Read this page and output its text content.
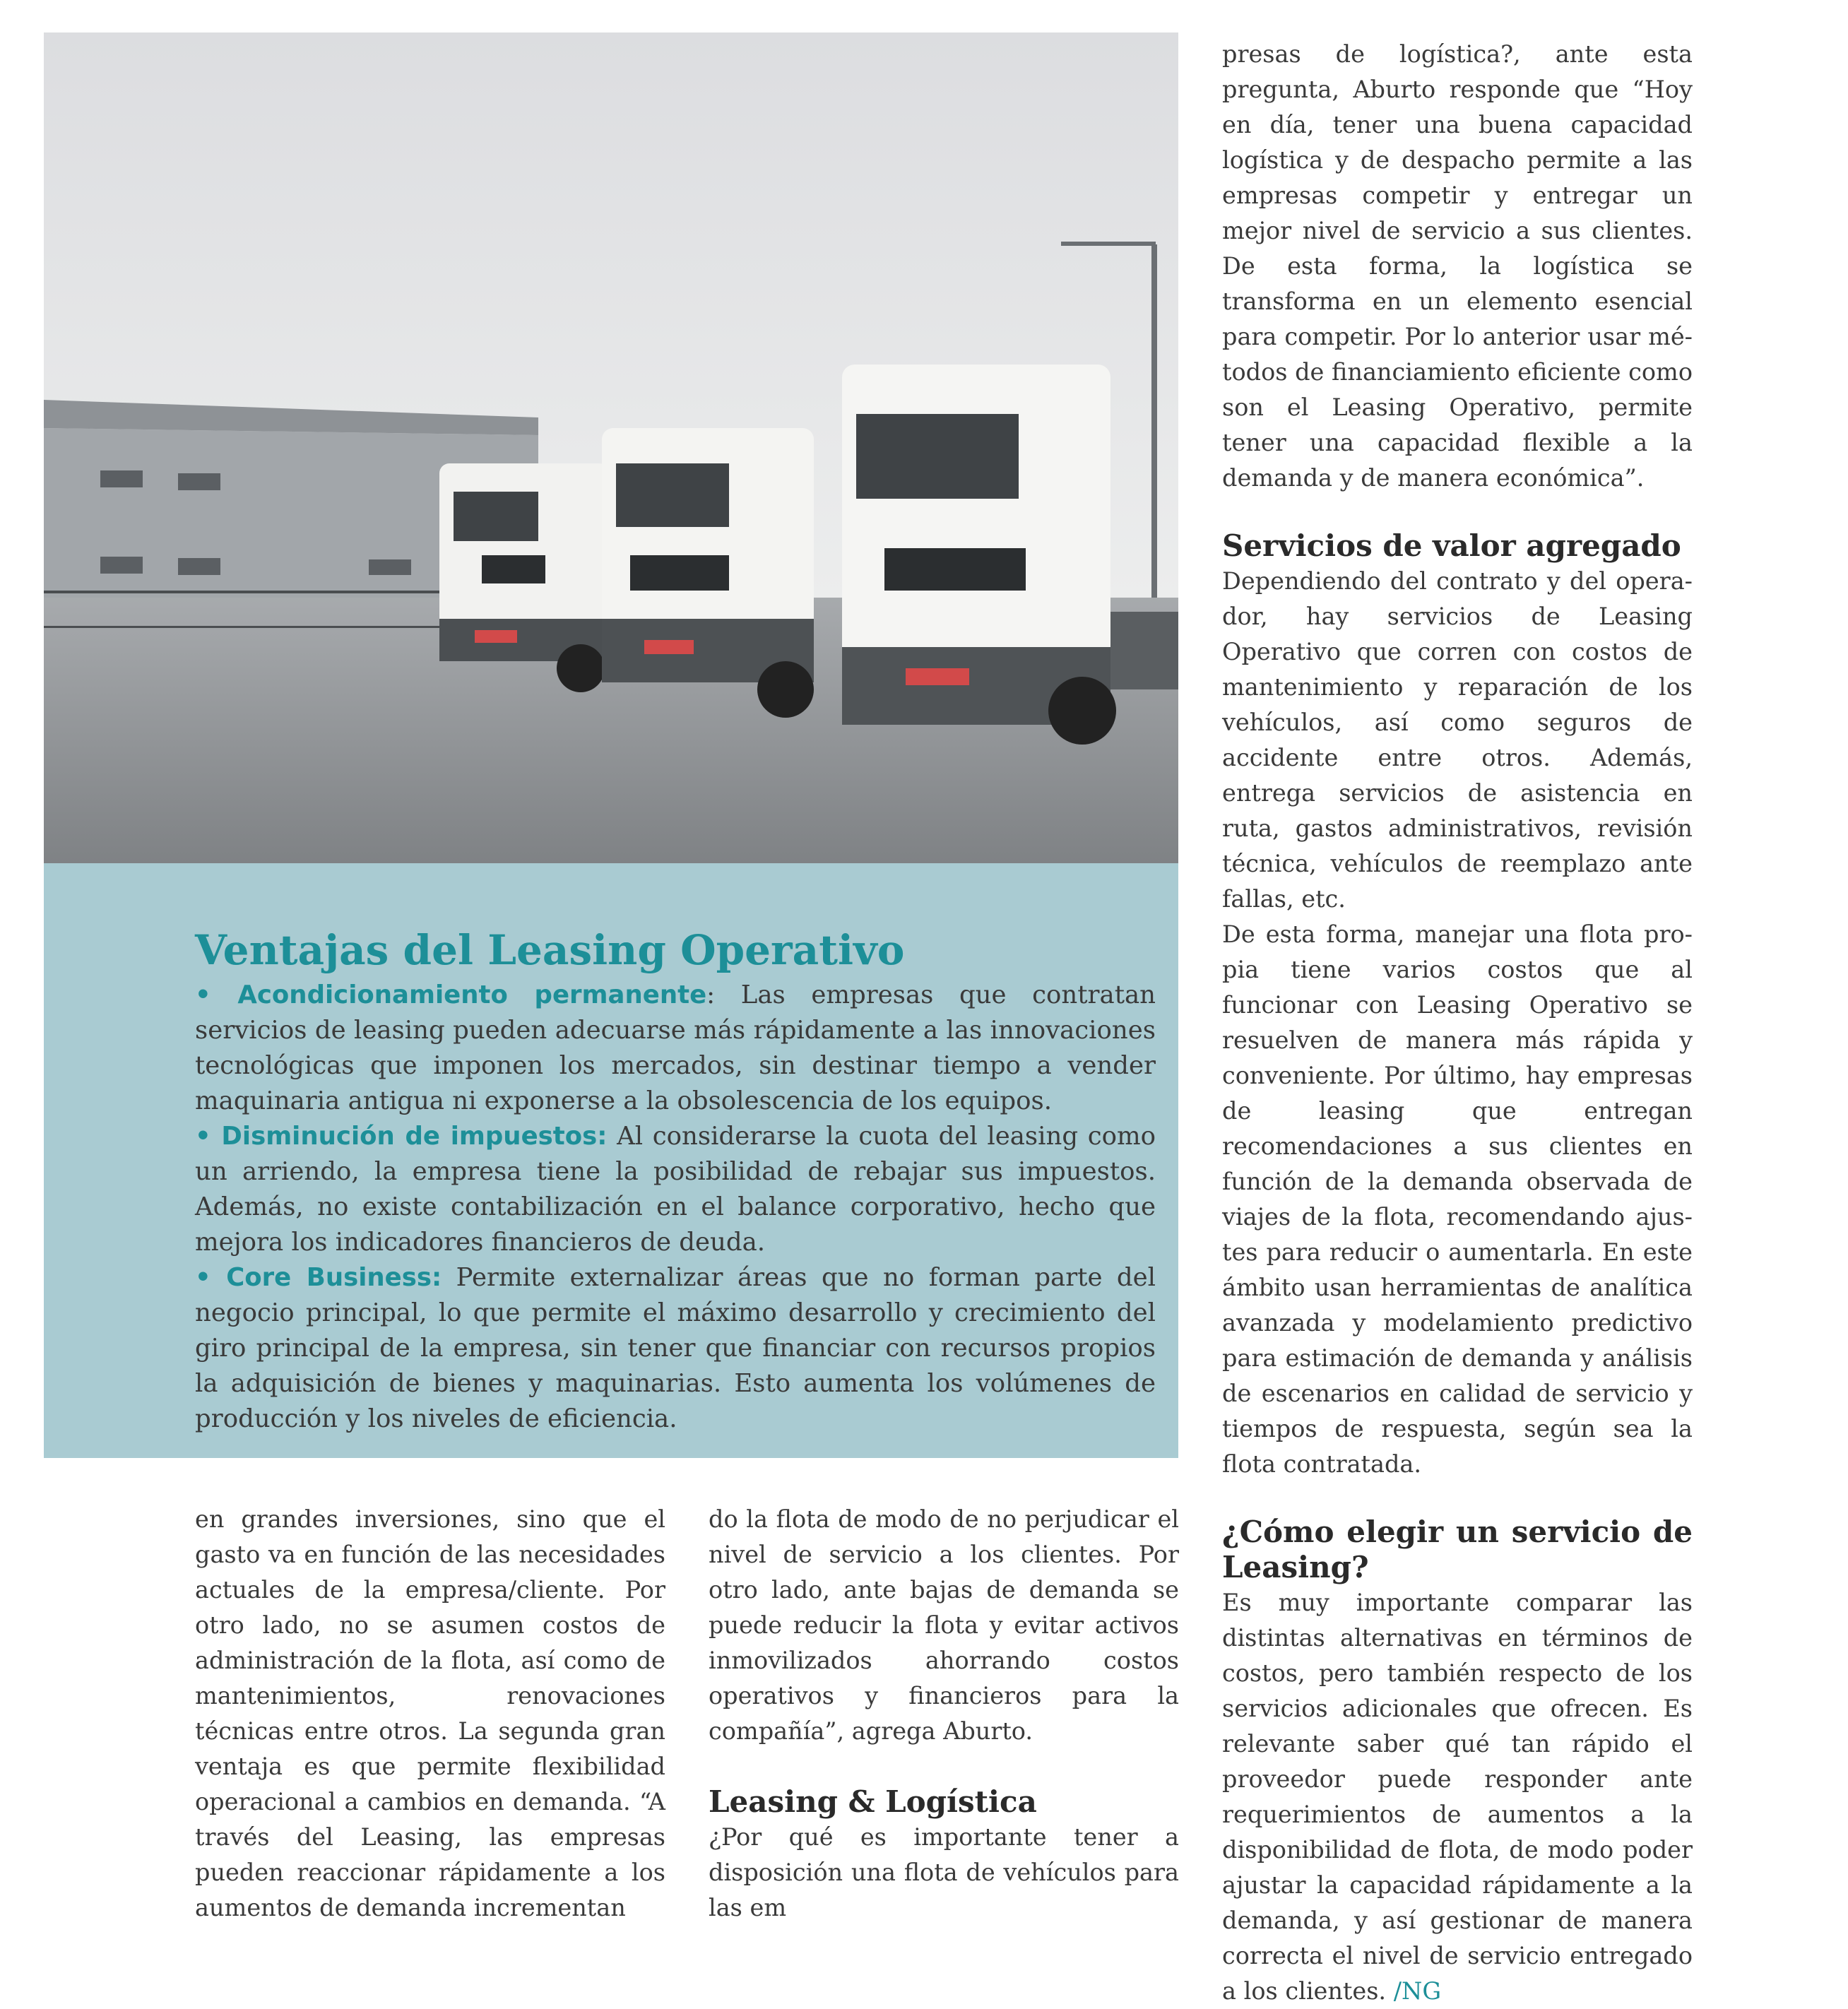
Ventajas del Leasing Operativo

• Acondicionamiento permanente: Las empresas que contratan servicios de leasing pueden adecuarse más rápidamente a las innovaciones tecnológicas que imponen los mercados, sin destinar tiempo a vender maquinaria antigua ni exponerse a la obsolescencia de los equipos.

• Disminución de impuestos: Al considerarse la cuota del leasing como un arriendo, la empresa tiene la posibilidad de rebajar sus impuestos. Además, no existe contabilización en el balance corporativo, hecho que mejora los indicadores financieros de deuda.

• Core Business: Permite externalizar áreas que no forman parte del negocio principal, lo que permite el máximo desarrollo y crecimiento del giro principal de la empresa, sin tener que financiar con recursos propios la adquisición de bienes y maquinarias. Esto aumenta los volúmenes de producción y los niveles de eficiencia.

en grandes inversiones, sino que el gasto va en función de las necesidades actuales de la empresa/cliente. Por otro lado, no se asumen costos de administración de la flota, así como de mantenimientos, renovaciones técnicas entre otros. La segunda gran ventaja es que permite flexibilidad operacional a cambios en demanda. “A través del Leasing, las empresas pueden reaccionar rápidamente a los aumentos de demanda incrementan

do la flota de modo de no perjudicar el nivel de servicio a los clientes. Por otro lado, ante bajas de demanda se puede reducir la flota y evitar activos inmovilizados ahorrando costos operativos y financieros para la compañía”, agrega Aburto.

Leasing & Logística

¿Por qué es importante tener a disposición una flota de vehículos para las em

presas de logística?, ante esta pregunta, Aburto responde que “Hoy en día, tener una buena capacidad logística y de despacho permite a las empresas competir y entregar un mejor nivel de servicio a sus clientes. De esta forma, la logística se transforma en un elemento esencial para competir. Por lo anterior usar métodos de financiamiento eficiente como son el Leasing Operativo, permite tener una capacidad flexible a la demanda y de manera económica”.

Servicios de valor agregado

Dependiendo del contrato y del operador, hay servicios de Leasing Operativo que corren con costos de mantenimiento y reparación de los vehículos, así como seguros de accidente entre otros. Además, entrega servicios de asistencia en ruta, gastos administrativos, revisión técnica, vehículos de reemplazo ante fallas, etc.

De esta forma, manejar una flota propia tiene varios costos que al funcionar con Leasing Operativo se resuelven de manera más rápida y conveniente. Por último, hay empresas de leasing que entregan recomendaciones a sus clientes en función de la demanda observada de viajes de la flota, recomendando ajustes para reducir o aumentarla. En este ámbito usan herramientas de analítica avanzada y modelamiento predictivo para estimación de demanda y análisis de escenarios en calidad de servicio y tiempos de respuesta, según sea la flota contratada.

¿Cómo elegir un servicio de Leasing?

Es muy importante comparar las distintas alternativas en términos de costos, pero también respecto de los servicios adicionales que ofrecen. Es relevante saber qué tan rápido el proveedor puede responder ante requerimientos de aumentos a la disponibilidad de flota, de modo poder ajustar la capacidad rápidamente a la demanda, y así gestionar de manera correcta el nivel de servicio entregado a los clientes. /NG
